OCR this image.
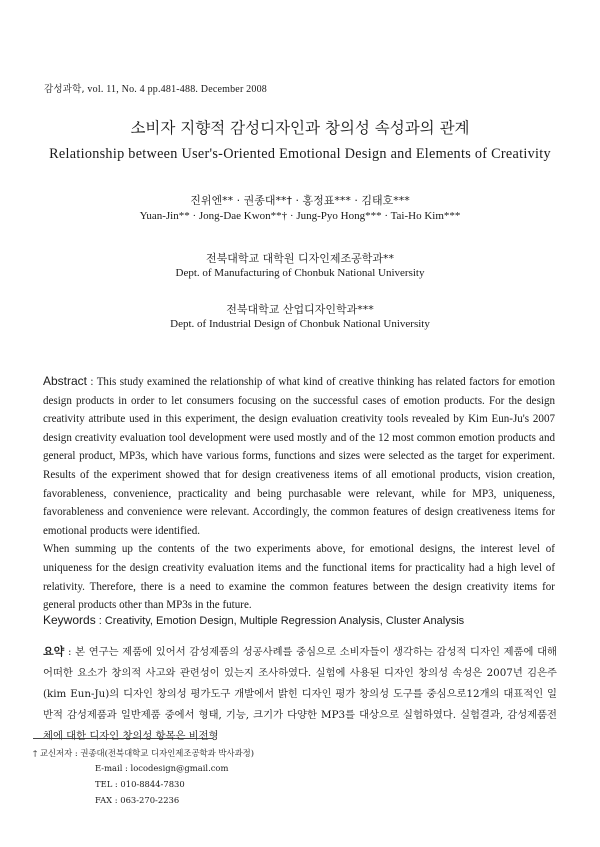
감성과학, vol. 11, No. 4 pp.481-488. December 2008
소비자 지향적 감성디자인과 창의성 속성과의 관계
Relationship between User's-Oriented Emotional Design and Elements of Creativity
진위엔** · 권종대**† · 홍정표*** · 김태호***
Yuan-Jin** · Jong-Dae Kwon**† · Jung-Pyo Hong*** · Tai-Ho Kim***
전북대학교 대학원 디자인제조공학과**
Dept. of Manufacturing of Chonbuk National University
전북대학교 산업디자인학과***
Dept. of Industrial Design of Chonbuk National University

Abstract : This study examined the relationship of what kind of creative thinking has related factors for emotion design products in order to let consumers focusing on the successful cases of emotion products. For the design creativity attribute used in this experiment, the design evaluation creativity tools revealed by Kim Eun-Ju's 2007 design creativity evaluation tool development were used mostly and of the 12 most common emotion products and general product, MP3s, which have various forms, functions and sizes were selected as the target for experiment. Results of the experiment showed that for design creativeness items of all emotional products, vision creation, favorableness, convenience, practicality and being purchasable were relevant, while for MP3, uniqueness, favorableness and convenience were relevant. Accordingly, the common features of design creativeness items for emotional products were identified.

When summing up the contents of the two experiments above, for emotional designs, the interest level of uniqueness for the design creativity evaluation items and the functional items for practicality had a high level of relativity. Therefore, there is a need to examine the common features between the design creativity items for general products other than MP3s in the future.

Keywords : Creativity, Emotion Design, Multiple Regression Analysis, Cluster Analysis
요약 : 본 연구는 제품에 있어서 감성제품의 성공사례를 중심으로 소비자들이 생각하는 감성적 디자인 제품에 대해 어떠한 요소가 창의적 사고와 관련성이 있는지 조사하였다. 실험에 사용된 디자인 창의성 속성은 2007년 김은주(kim Eun-Ju)의 디자인 창의성 평가도구 개발에서 밝힌 디자인 평가 창의성 도구를 중심으로12개의 대표적인 일반적 감성제품과 일반제품 중에서 형태, 기능, 크기가 다양한 MP3를 대상으로 실험하였다. 실험결과, 감성제품전체에 대한 디자인 창의성 항목은 비전형
† 교신저자 : 권종대(전북대학교 디자인제조공학과 박사과정)
E-mail : locodesign@gmail.com
TEL : 010-8844-7830
FAX : 063-270-2236
